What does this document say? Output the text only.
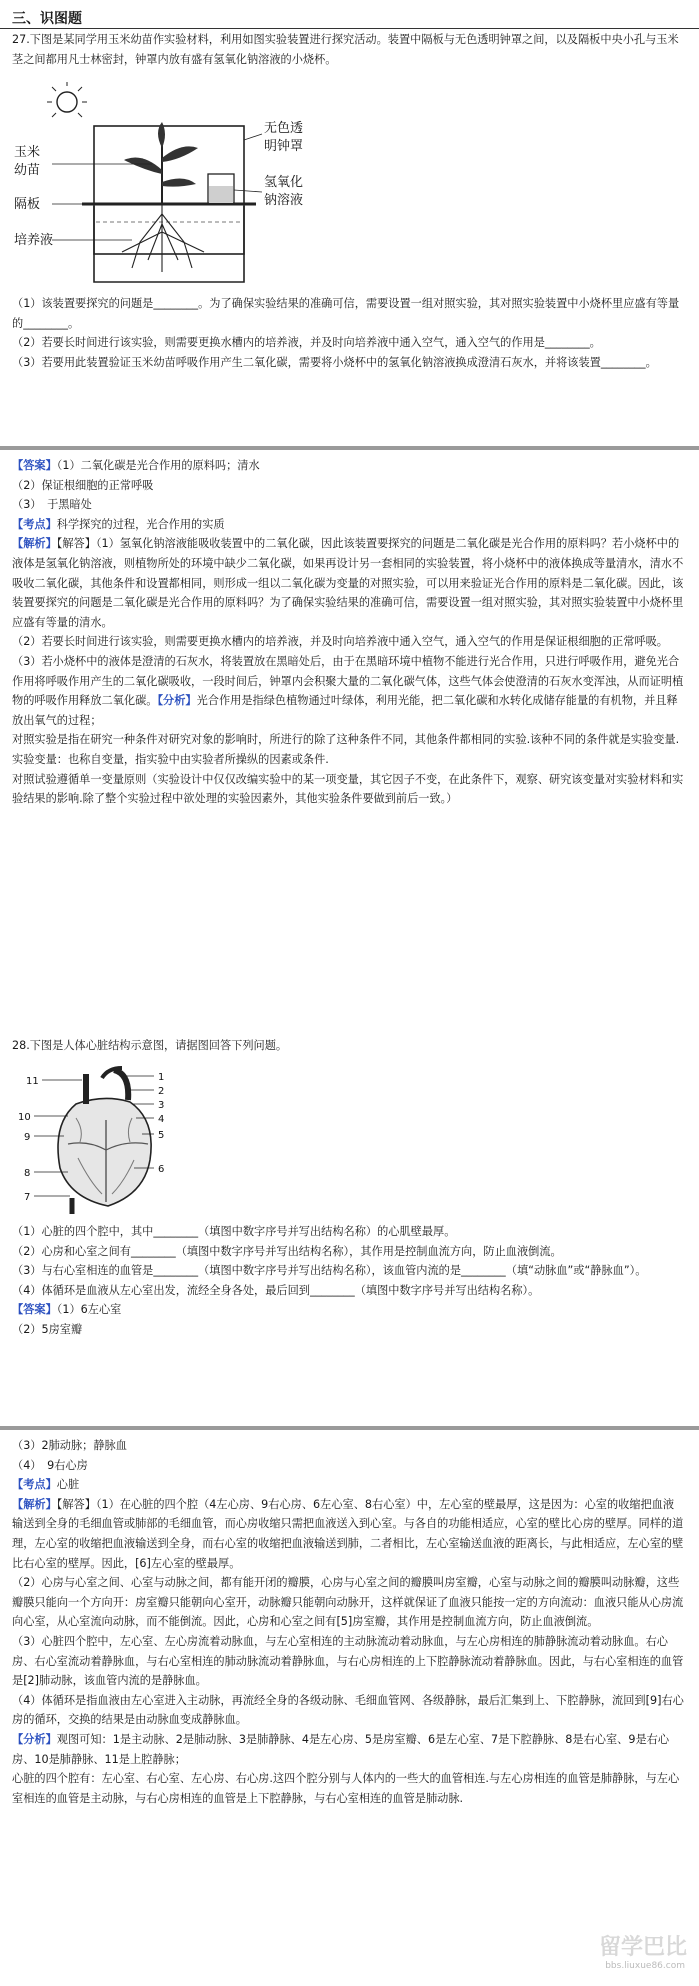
三、识图题

27.下图是某同学用玉米幼苗作实验材料，利用如图实验装置进行探究活动。装置中隔板与无色透明钟罩之间，以及隔板中央小孔与玉米茎之间都用凡士林密封，钟罩内放有盛有氢氧化钠溶液的小烧杯。

玉米
幼苗
隔板
培养液
无色透
明钟罩
氢氧化
钠溶液

（1）该装置要探究的问题是________。为了确保实验结果的准确可信，需要设置一组对照实验，其对照实验装置中小烧杯里应盛有等量的________。

（2）若要长时间进行该实验，则需要更换水槽内的培养液，并及时向培养液中通入空气，通入空气的作用是________。

（3）若要用此装置验证玉米幼苗呼吸作用产生二氧化碳，需要将小烧杯中的氢氧化钠溶液换成澄清石灰水，并将该装置________。

【答案】（1）二氧化碳是光合作用的原料吗；清水

（2）保证根细胞的正常呼吸

（3）　于黑暗处

【考点】科学探究的过程，光合作用的实质

【解析】【解答】（1）氢氧化钠溶液能吸收装置中的二氧化碳，因此该装置要探究的问题是二氧化碳是光合作用的原料吗？若小烧杯中的液体是氢氧化钠溶液，则植物所处的环境中缺少二氧化碳，如果再设计另一套相同的实验装置，将小烧杯中的液体换成等量清水，清水不吸收二氧化碳，其他条件和设置都相同，则形成一组以二氧化碳为变量的对照实验，可以用来验证光合作用的原料是二氧化碳。因此，该装置要探究的问题是二氧化碳是光合作用的原料吗？为了确保实验结果的准确可信，需要设置一组对照实验，其对照实验装置中小烧杯里应盛有等量的清水。

（2）若要长时间进行该实验，则需要更换水槽内的培养液，并及时向培养液中通入空气，通入空气的作用是保证根细胞的正常呼吸。

（3）若小烧杯中的液体是澄清的石灰水，将装置放在黑暗处后，由于在黑暗环境中植物不能进行光合作用，只进行呼吸作用，避免光合作用将呼吸作用产生的二氧化碳吸收，一段时间后，钟罩内会积聚大量的二氧化碳气体，这些气体会使澄清的石灰水变浑浊，从而证明植物的呼吸作用释放二氧化碳。【分析】光合作用是指绿色植物通过叶绿体，利用光能，把二氧化碳和水转化成储存能量的有机物，并且释放出氧气的过程；

对照实验是指在研究一种条件对研究对象的影响时，所进行的除了这种条件不同，其他条件都相同的实验.该种不同的条件就是实验变量.

实验变量：也称自变量，指实验中由实验者所操纵的因素或条件.

对照试验遵循单一变量原则（实验设计中仅仅改编实验中的某一项变量，其它因子不变，在此条件下，观察、研究该变量对实验材料和实验结果的影响.除了整个实验过程中欲处理的实验因素外，其他实验条件要做到前后一致。）

28.下图是人体心脏结构示意图，请据图回答下列问题。

11
10
9
8
7
1
2
3
4
5
6

（1）心脏的四个腔中，其中________（填图中数字序号并写出结构名称）的心肌壁最厚。

（2）心房和心室之间有________（填图中数字序号并写出结构名称），其作用是控制血流方向，防止血液倒流。

（3）与右心室相连的血管是________（填图中数字序号并写出结构名称），该血管内流的是________（填“动脉血”或“静脉血”）。

（4）体循环是血液从左心室出发，流经全身各处，最后回到________（填图中数字序号并写出结构名称）。

【答案】（1）6左心室

（2）5房室瓣

（3）2肺动脉；静脉血

（4）　9右心房

【考点】心脏

【解析】【解答】（1）在心脏的四个腔（4左心房、9右心房、6左心室、8右心室）中，左心室的壁最厚，这是因为：心室的收缩把血液输送到全身的毛细血管或肺部的毛细血管，而心房收缩只需把血液送入到心室。与各自的功能相适应，心室的壁比心房的壁厚。同样的道理，左心室的收缩把血液输送到全身，而右心室的收缩把血液输送到肺，二者相比，左心室输送血液的距离长，与此相适应，左心室的壁比右心室的壁厚。因此，[6]左心室的壁最厚。

（2）心房与心室之间、心室与动脉之间，都有能开闭的瓣膜，心房与心室之间的瓣膜叫房室瓣，心室与动脉之间的瓣膜叫动脉瓣，这些瓣膜只能向一个方向开：房室瓣只能朝向心室开，动脉瓣只能朝向动脉开，这样就保证了血液只能按一定的方向流动：血液只能从心房流向心室，从心室流向动脉，而不能倒流。因此，心房和心室之间有[5]房室瓣，其作用是控制血流方向，防止血液倒流。

（3）心脏四个腔中，左心室、左心房流着动脉血，与左心室相连的主动脉流动着动脉血，与左心房相连的肺静脉流动着动脉血。右心房、右心室流动着静脉血，与右心室相连的肺动脉流动着静脉血，与右心房相连的上下腔静脉流动着静脉血。因此，与右心室相连的血管是[2]肺动脉，该血管内流的是静脉血。

（4）体循环是指血液由左心室进入主动脉，再流经全身的各级动脉、毛细血管网、各级静脉，最后汇集到上、下腔静脉，流回到[9]右心房的循环，交换的结果是由动脉血变成静脉血。

【分析】观图可知：1是主动脉、2是肺动脉、3是肺静脉、4是左心房、5是房室瓣、6是左心室、7是下腔静脉、8是右心室、9是右心房、10是肺静脉、11是上腔静脉；

心脏的四个腔有：左心室、右心室、左心房、右心房.这四个腔分别与人体内的一些大的血管相连.与左心房相连的血管是肺静脉，与左心室相连的血管是主动脉，与右心房相连的血管是上下腔静脉，与右心室相连的血管是肺动脉.

留学巴比
bbs.liuxue86.com
